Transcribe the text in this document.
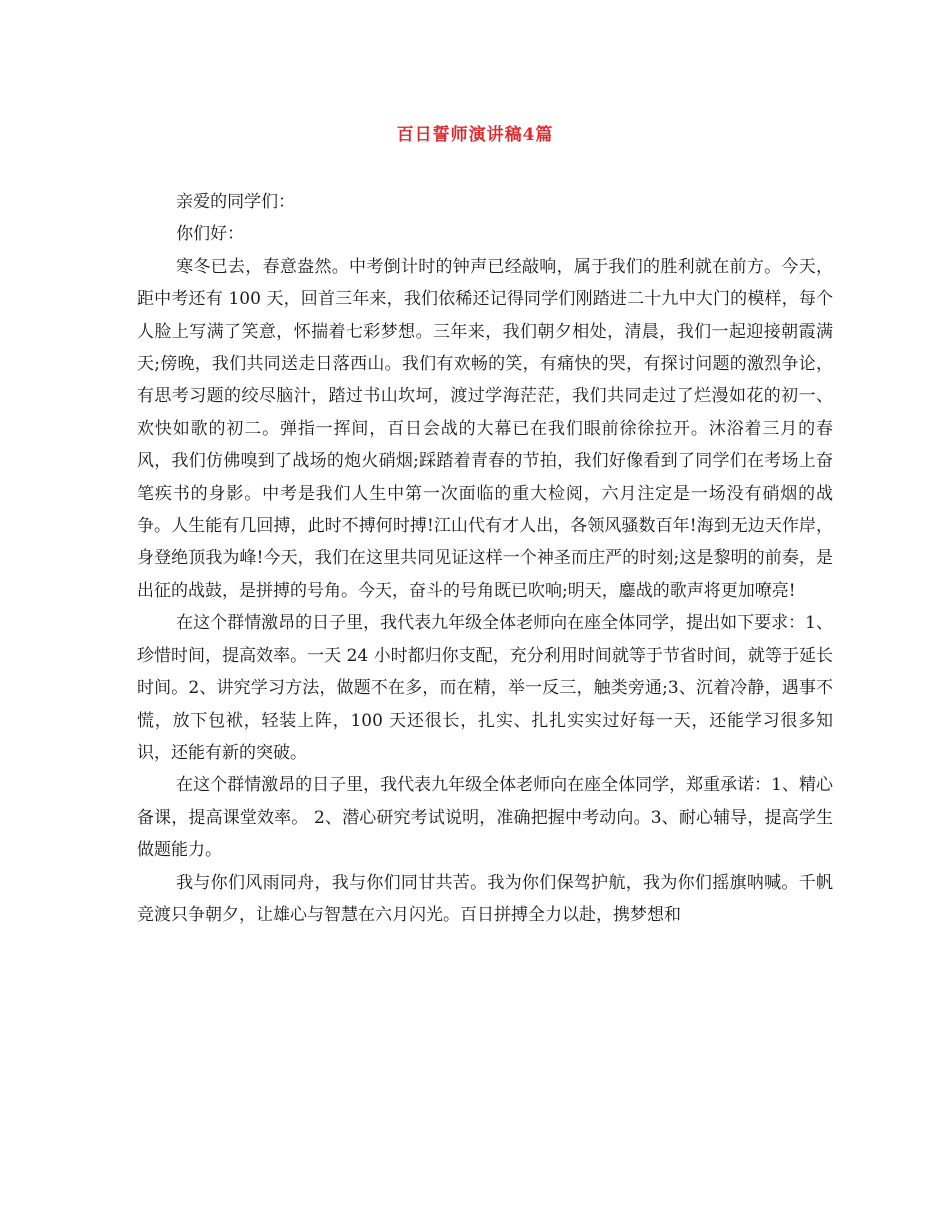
百日誓师演讲稿4篇

亲爱的同学们：

你们好：

寒冬已去，春意盎然。中考倒计时的钟声已经敲响，属于我们的胜利就在前方。今天，距中考还有 100 天，回首三年来，我们依稀还记得同学们刚踏进二十九中大门的模样，每个人脸上写满了笑意，怀揣着七彩梦想。三年来，我们朝夕相处，清晨，我们一起迎接朝霞满天;傍晚，我们共同送走日落西山。我们有欢畅的笑，有痛快的哭，有探讨问题的激烈争论，有思考习题的绞尽脑汁，踏过书山坎坷，渡过学海茫茫，我们共同走过了烂漫如花的初一、欢快如歌的初二。弹指一挥间，百日会战的大幕已在我们眼前徐徐拉开。沐浴着三月的春风，我们仿佛嗅到了战场的炮火硝烟;踩踏着青春的节拍，我们好像看到了同学们在考场上奋笔疾书的身影。中考是我们人生中第一次面临的重大检阅，六月注定是一场没有硝烟的战争。人生能有几回搏，此时不搏何时搏!江山代有才人出，各领风骚数百年!海到无边天作岸，身登绝顶我为峰!今天，我们在这里共同见证这样一个神圣而庄严的时刻;这是黎明的前奏，是出征的战鼓，是拼搏的号角。今天，奋斗的号角既已吹响;明天，鏖战的歌声将更加嘹亮!

在这个群情激昂的日子里，我代表九年级全体老师向在座全体同学，提出如下要求：1、珍惜时间，提高效率。一天 24 小时都归你支配，充分利用时间就等于节省时间，就等于延长时间。2、讲究学习方法，做题不在多，而在精，举一反三，触类旁通;3、沉着冷静，遇事不慌，放下包袱，轻装上阵，100 天还很长，扎实、扎扎实实过好每一天，还能学习很多知识，还能有新的突破。

在这个群情激昂的日子里，我代表九年级全体老师向在座全体同学，郑重承诺：1、精心备课，提高课堂效率。 2、潜心研究考试说明，准确把握中考动向。3、耐心辅导，提高学生做题能力。

我与你们风雨同舟，我与你们同甘共苦。我为你们保驾护航，我为你们摇旗呐喊。千帆竞渡只争朝夕，让雄心与智慧在六月闪光。百日拼搏全力以赴，携梦想和
